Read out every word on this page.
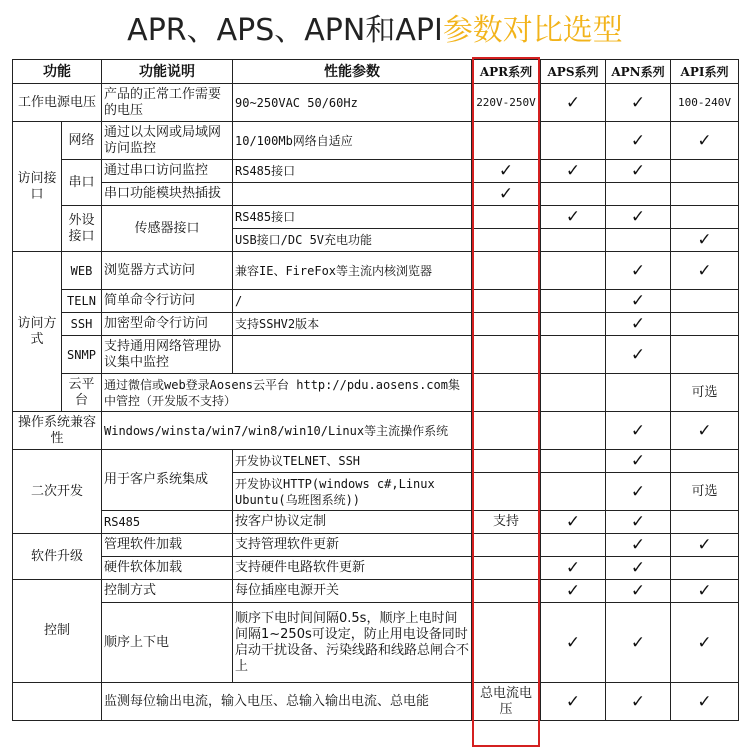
APR、APS、APN和API参数对比选型
功能		功能说明	性能参数	APR系列	APS系列	APN系列	API系列
工作电源电压		产品的正常工作需要的电压	90~250VAC 50/60Hz	220V-250V	✓	✓	100-240V
访问接口	网络	通过以太网或局域网访问监控	10/100Mb网络自适应			✓	✓
	串口	通过串口访问监控	RS485接口	✓	✓	✓	
		串口功能模块热插拔		✓			
	外设接口	传感器接口	RS485接口		✓	✓	
			USB接口/DC 5V充电功能				✓
访问方式	WEB	浏览器方式访问	兼容IE、FireFox等主流内核浏览器			✓	✓
	TELN	简单命令行访问	/			✓	
	SSH	加密型命令行访问	支持SSHV2版本			✓	
	SNMP	支持通用网络管理协议集中监控				✓	
	云平台	通过微信或web登录Aosens云平台 http://pdu.aosens.com集中管控（开发版不支持）					可选
操作系统兼容性		Windows/winsta/win7/win8/win10/Linux等主流操作系统				✓	✓
二次开发		用于客户系统集成	开发协议TELNET、SSH			✓	
			开发协议HTTP(windows c#,Linux Ubuntu(乌班图系统))			✓	可选
		RS485	按客户协议定制	支持	✓	✓	
软件升级		管理软件加载	支持管理软件更新			✓	✓
		硬件软体加载	支持硬件电路软件更新		✓	✓	
控制		控制方式	每位插座电源开关		✓	✓	✓
		顺序上下电	顺序下电时间间隔0.5s，顺序上电时间间隔1~250s可设定，防止用电设备同时启动干扰设备、污染线路和线路总闸合不上		✓	✓	✓
		监测每位输出电流，输入电压、总输入输出电流、总电能		总电流电压	✓	✓	✓
